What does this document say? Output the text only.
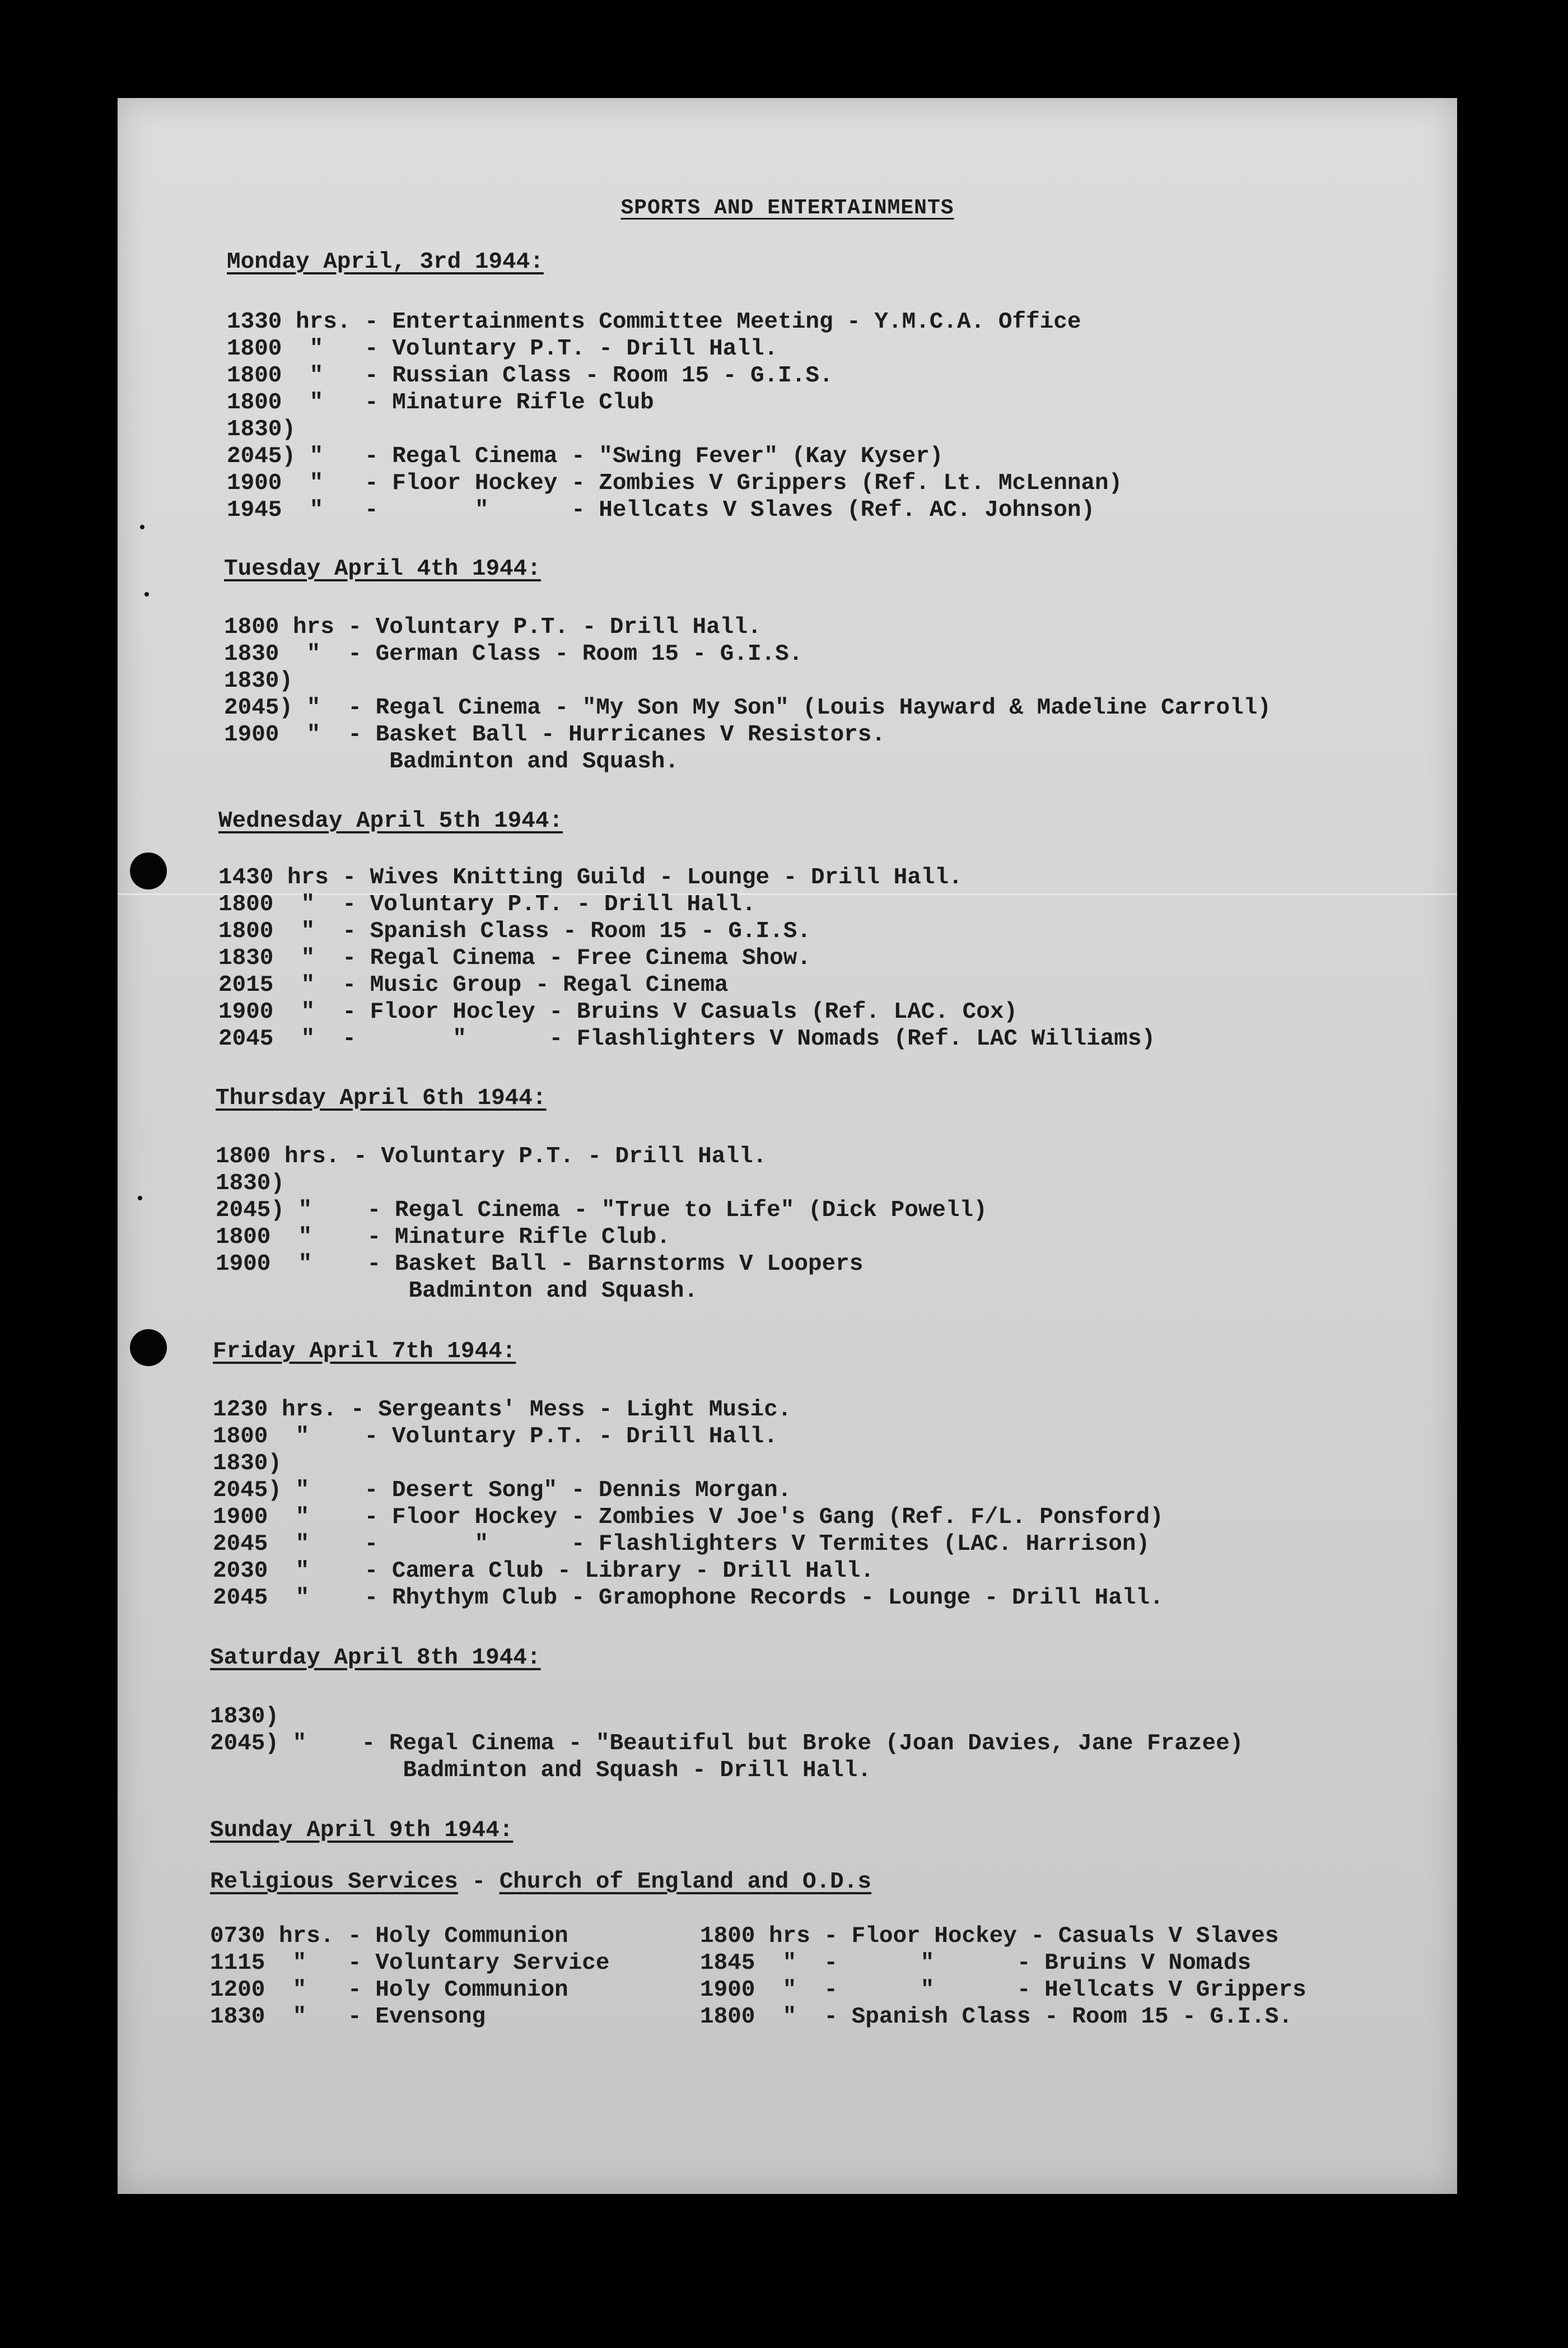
SPORTS AND ENTERTAINMENTS
Monday April, 3rd 1944:
1330 hrs. - Entertainments Committee Meeting - Y.M.C.A. Office
1800  "   - Voluntary P.T. - Drill Hall.
1800  "   - Russian Class - Room 15 - G.I.S.
1800  "   - Minature Rifle Club
1830)
2045) "   - Regal Cinema - "Swing Fever" (Kay Kyser)
1900  "   - Floor Hockey - Zombies V Grippers (Ref. Lt. McLennan)
1945  "   -       "      - Hellcats V Slaves (Ref. AC. Johnson)
Tuesday April 4th 1944:
1800 hrs - Voluntary P.T. - Drill Hall.
1830  "  - German Class - Room 15 - G.I.S.
1830)
2045) "  - Regal Cinema - "My Son My Son" (Louis Hayward & Madeline Carroll)
1900  "  - Basket Ball - Hurricanes V Resistors.
Badminton and Squash.
Wednesday April 5th 1944:
1430 hrs - Wives Knitting Guild - Lounge - Drill Hall.
1800  "  - Voluntary P.T. - Drill Hall.
1800  "  - Spanish Class - Room 15 - G.I.S.
1830  "  - Regal Cinema - Free Cinema Show.
2015  "  - Music Group - Regal Cinema
1900  "  - Floor Hocley - Bruins V Casuals (Ref. LAC. Cox)
2045  "  -       "      - Flashlighters V Nomads (Ref. LAC Williams)
Thursday April 6th 1944:
1800 hrs. - Voluntary P.T. - Drill Hall.
1830)
2045) "    - Regal Cinema - "True to Life" (Dick Powell)
1800  "    - Minature Rifle Club.
1900  "    - Basket Ball - Barnstorms V Loopers
Badminton and Squash.
Friday April 7th 1944:
1230 hrs. - Sergeants' Mess - Light Music.
1800  "    - Voluntary P.T. - Drill Hall.
1830)
2045) "    - Desert Song" - Dennis Morgan.
1900  "    - Floor Hockey - Zombies V Joe's Gang (Ref. F/L. Ponsford)
2045  "    -       "      - Flashlighters V Termites (LAC. Harrison)
2030  "    - Camera Club - Library - Drill Hall.
2045  "    - Rhythym Club - Gramophone Records - Lounge - Drill Hall.
Saturday April 8th 1944:
1830)
2045) "    - Regal Cinema - "Beautiful but Broke (Joan Davies, Jane Frazee)
Badminton and Squash - Drill Hall.
Sunday April 9th 1944:
Religious Services - Church of England and O.D.s
0730 hrs. - Holy Communion
1115  "   - Voluntary Service
1200  "   - Holy Communion
1830  "   - Evensong
1800 hrs - Floor Hockey - Casuals V Slaves
1845  "  -      "      - Bruins V Nomads
1900  "  -      "      - Hellcats V Grippers
1800  "  - Spanish Class - Room 15 - G.I.S.
